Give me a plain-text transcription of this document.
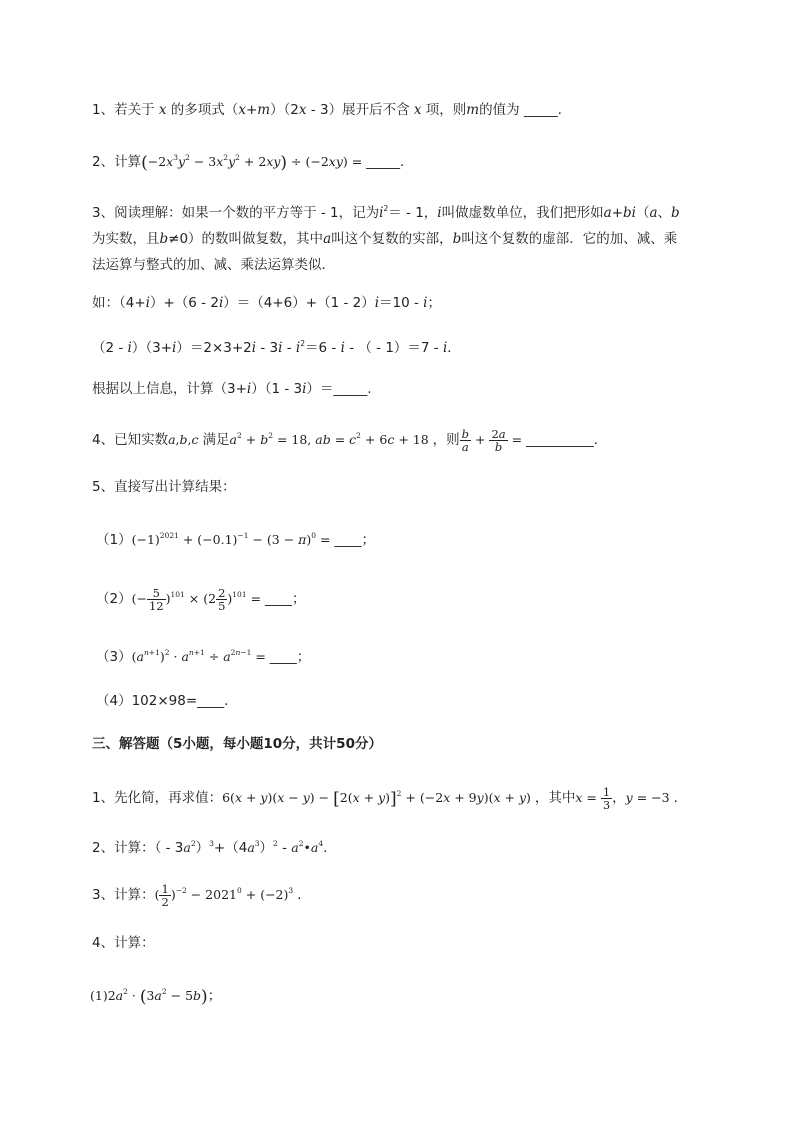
1、若关于 x 的多项式（x+m）（2x - 3）展开后不含 x 项，则m的值为 _____.
2、计算$(-2x^3y^2 - 3x^2y^2 + 2xy) \div (-2xy)$ = _____.
3、阅读理解：如果一个数的平方等于 - 1，记为$i^2= - 1$，i叫做虚数单位，我们把形如a+bi（a、b
为实数，且b≠0）的数叫做复数，其中a叫这个复数的实部，b叫这个复数的虚部．它的加、减、乘
法运算与整式的加、减、乘法运算类似．
如：（4+i）+（6 - 2i）＝（4+6）+（1 - 2）i＝10 - i；
$(2 - i)(3+i)=2\times 3+2i - 3i - i^2=6 - i$ - （ - 1）＝7 - i．
根据以上信息，计算（3+i）（1 - 3i）＝_____.
4、已知实数a,b,c 满足$a^2 + b^2 = 18$, ab = $c^2 + 6c + 18$ ，则 $\frac{b}{a} + \frac{2a}{b}$ = __________.
5、直接写出计算结果：
$(1)(-1)^{2021} + (-0.1)^{-1} - (3 - \pi)^0$ = ____；
$(2)(- \frac{5}{12} )^{101} \times (2 \frac{2}{5} )^{101}$ = ____；
$(3)(a^{n+1})^2 \cdot a^{n+1} \div a^{2n-1}$ = ____；
（4）102×98=____.
三、解答题（5小题，每小题10分，共计50分）
1、先化简，再求值：$6(x + y)(x - y) - [2(x + y)]^2 + (-2x + 9y)(x + y)$ ，其中$x = \frac{1}{3}$ ，y = −3 .
2、计算：（ - $3a^2)^3+(4a^3)^2$ - $a^2•a^4$.
3、计算：( $\frac{1}{2} )^{-2} - 2021^0 + (-2)^3$ .
4、计算：
$(1)2a^2 \cdot (3a^2 - 5b)$；
